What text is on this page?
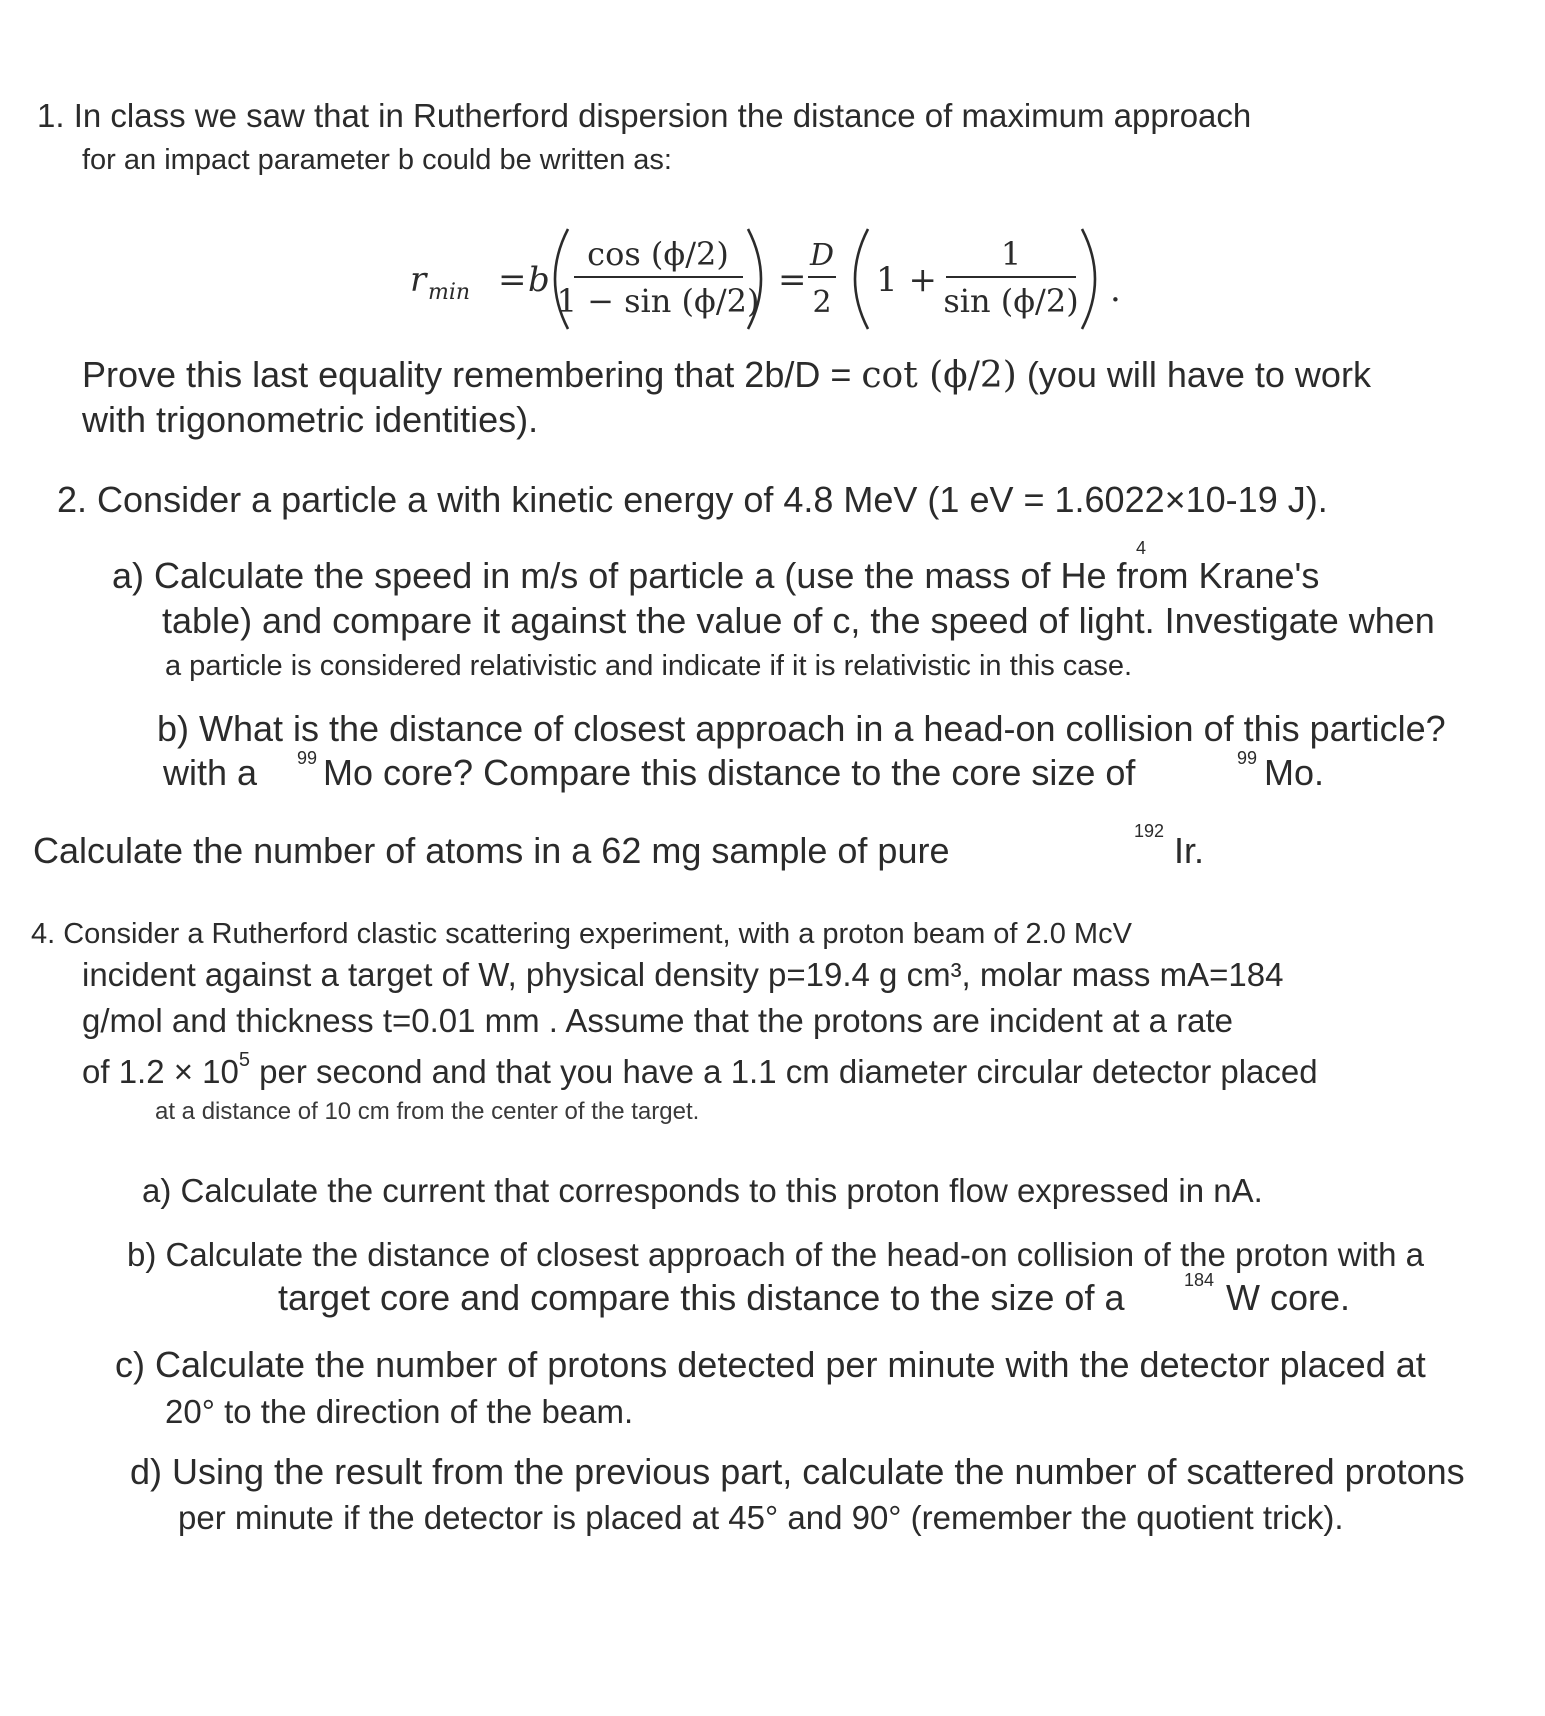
1. In class we saw that in Rutherford dispersion the distance of maximum approach
for an impact parameter b could be written as:
r min = b
cos (ϕ/2)
1 − sin (ϕ/2)
=
D
2
1 +
1
sin (ϕ/2) .
Prove this last equality remembering that 2b/D = cot (ϕ/2) (you will have to work
with trigonometric identities).
2. Consider a particle a with kinetic energy of 4.8 MeV (1 eV = 1.6022×10-19 J).
a) Calculate the speed in m/s of particle a (use the mass of He from Krane's
4
table) and compare it against the value of c, the speed of light. Investigate when
a particle is considered relativistic and indicate if it is relativistic in this case.
b) What is the distance of closest approach in a head-on collision of this particle?
with a 99 Mo core? Compare this distance to the core size of	99 Mo.
Calculate the number of atoms in a 62 mg sample of pure	192 Ir.
4. Consider a Rutherford clastic scattering experiment, with a proton beam of 2.0 McV
incident against a target of W, physical density p=19.4 g cm³, molar mass mA=184
g/mol and thickness t=0.01 mm . Assume that the protons are incident at a rate
of $1.2 \times 10^5$ per second and that you have a 1.1 cm diameter circular detector placed
at a distance of 10 cm from the center of the target.
a) Calculate the current that corresponds to this proton flow expressed in nA.
b) Calculate the distance of closest approach of the head-on collision of the proton with a
target core and compare this distance to the size of a	184 W core.
c) Calculate the number of protons detected per minute with the detector placed at
20° to the direction of the beam.
d) Using the result from the previous part, calculate the number of scattered protons
per minute if the detector is placed at 45° and 90° (remember the quotient trick).
